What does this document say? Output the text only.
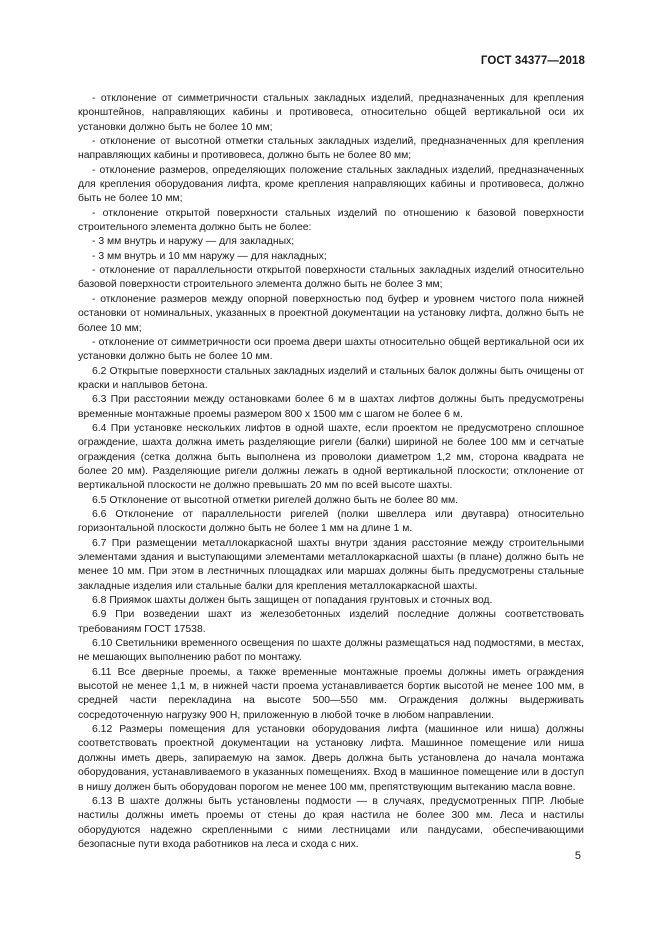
ГОСТ 34377—2018

- отклонение от симметричности стальных закладных изделий, предназначенных для крепления кронштейнов, направляющих кабины и противовеса, относительно общей вертикальной оси их установки должно быть не более 10 мм;

- отклонение от высотной отметки стальных закладных изделий, предназначенных для крепления направляющих кабины и противовеса, должно быть не более 80 мм;

- отклонение размеров, определяющих положение стальных закладных изделий, предназначенных для крепления оборудования лифта, кроме крепления направляющих кабины и противовеса, должно быть не более 10 мм;

- отклонение открытой поверхности стальных изделий по отношению к базовой поверхности строительного элемента должно быть не более:

- 3 мм внутрь и наружу — для закладных;

- 3 мм внутрь и 10 мм наружу — для накладных;

- отклонение от параллельности открытой поверхности стальных закладных изделий относительно базовой поверхности строительного элемента должно быть не более 3 мм;

- отклонение размеров между опорной поверхностью под буфер и уровнем чистого пола нижней остановки от номинальных, указанных в проектной документации на установку лифта, должно быть не более 10 мм;

- отклонение от симметричности оси проема двери шахты относительно общей вертикальной оси их установки должно быть не более 10 мм.

6.2 Открытые поверхности стальных закладных изделий и стальных балок должны быть очищены от краски и наплывов бетона.

6.3 При расстоянии между остановками более 6 м в шахтах лифтов должны быть предусмотрены временные монтажные проемы размером 800 х 1500 мм с шагом не более 6 м.

6.4 При установке нескольких лифтов в одной шахте, если проектом не предусмотрено сплошное ограждение, шахта должна иметь разделяющие ригели (балки) шириной не более 100 мм и сетчатые ограждения (сетка должна быть выполнена из проволоки диаметром 1,2 мм, сторона квадрата не более 20 мм). Разделяющие ригели должны лежать в одной вертикальной плоскости; отклонение от вертикальной плоскости не должно превышать 20 мм по всей высоте шахты.

6.5 Отклонение от высотной отметки ригелей должно быть не более 80 мм.

6.6 Отклонение от параллельности ригелей (полки швеллера или двутавра) относительно горизонтальной плоскости должно быть не более 1 мм на длине 1 м.

6.7 При размещении металлокаркасной шахты внутри здания расстояние между строительными элементами здания и выступающими элементами металлокаркасной шахты (в плане) должно быть не менее 10 мм. При этом в лестничных площадках или маршах должны быть предусмотрены стальные закладные изделия или стальные балки для крепления металлокаркасной шахты.

6.8 Приямок шахты должен быть защищен от попадания грунтовых и сточных вод.

6.9 При возведении шахт из железобетонных изделий последние должны соответствовать требованиям ГОСТ 17538.

6.10 Светильники временного освещения по шахте должны размещаться над подмостями, в местах, не мешающих выполнению работ по монтажу.

6.11 Все дверные проемы, а также временные монтажные проемы должны иметь ограждения высотой не менее 1,1 м, в нижней части проема устанавливается бортик высотой не менее 100 мм, в средней части перекладина на высоте 500—550 мм. Ограждения должны выдерживать сосредоточенную нагрузку 900 Н, приложенную в любой точке в любом направлении.

6.12 Размеры помещения для установки оборудования лифта (машинное или ниша) должны соответствовать проектной документации на установку лифта. Машинное помещение или ниша должны иметь дверь, запираемую на замок. Дверь должна быть установлена до начала монтажа оборудования, устанавливаемого в указанных помещениях. Вход в машинное помещение или в доступ в нишу должен быть оборудован порогом не менее 100 мм, препятствующим вытеканию масла вовне.

6.13 В шахте должны быть установлены подмости — в случаях, предусмотренных ППР. Любые настилы должны иметь проемы от стены до края настила не более 300 мм. Леса и настилы оборудуются надежно скрепленными с ними лестницами или пандусами, обеспечивающими безопасные пути входа работников на леса и схода с них.

5
